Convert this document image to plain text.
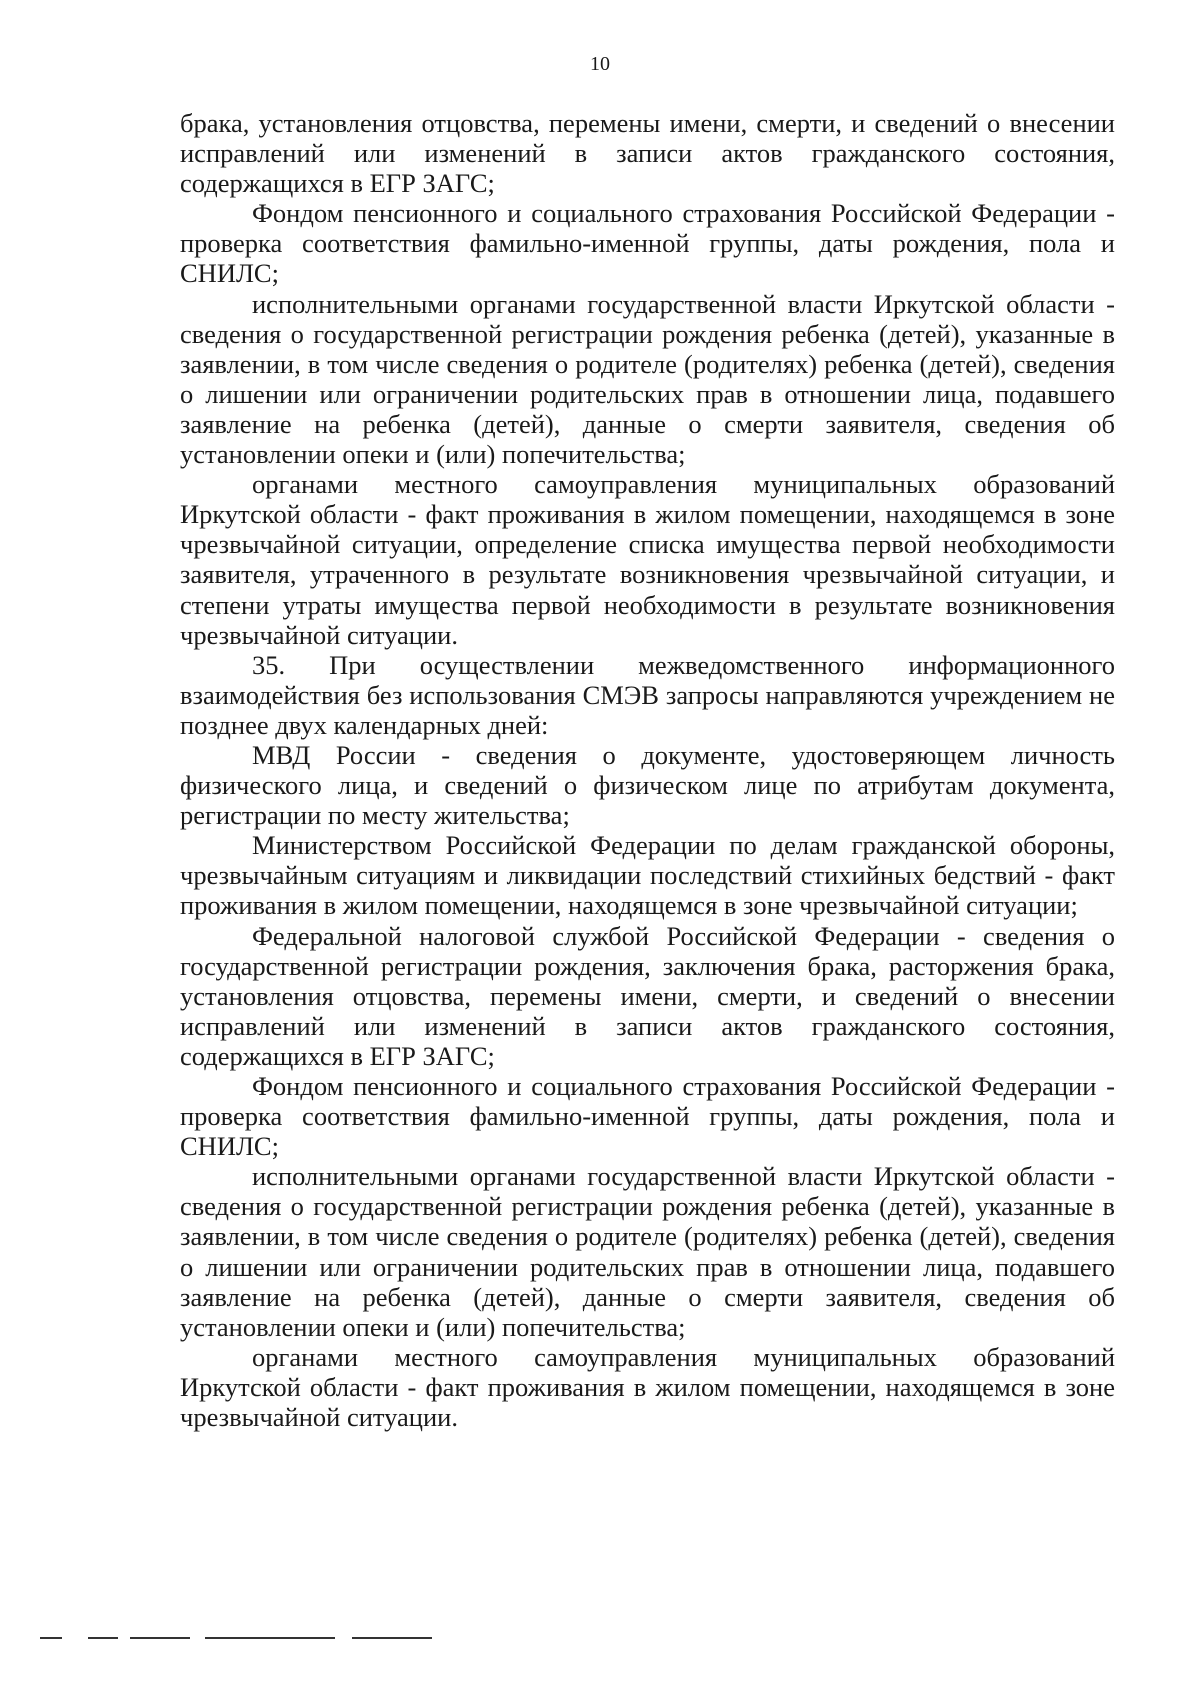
10

брака, установления отцовства, перемены имени, смерти, и сведений о внесении исправлений или изменений в записи актов гражданского состояния, содержащихся в ЕГР ЗАГС;

Фондом пенсионного и социального страхования Российской Федерации - проверка соответствия фамильно-именной группы, даты рождения, пола и СНИЛС;

исполнительными органами государственной власти Иркутской области - сведения о государственной регистрации рождения ребенка (детей), указанные в заявлении, в том числе сведения о родителе (родителях) ребенка (детей), сведения о лишении или ограничении родительских прав в отношении лица, подавшего заявление на ребенка (детей), данные о смерти заявителя, сведения об установлении опеки и (или) попечительства;

органами местного самоуправления муниципальных образований Иркутской области - факт проживания в жилом помещении, находящемся в зоне чрезвычайной ситуации, определение списка имущества первой необходимости заявителя, утраченного в результате возникновения чрезвычайной ситуации, и степени утраты имущества первой необходимости в результате возникновения чрезвычайной ситуации.

35. При осуществлении межведомственного информационного взаимодействия без использования СМЭВ запросы направляются учреждением не позднее двух календарных дней:

МВД России - сведения о документе, удостоверяющем личность физического лица, и сведений о физическом лице по атрибутам документа, регистрации по месту жительства;

Министерством Российской Федерации по делам гражданской обороны, чрезвычайным ситуациям и ликвидации последствий стихийных бедствий - факт проживания в жилом помещении, находящемся в зоне чрезвычайной ситуации;

Федеральной налоговой службой Российской Федерации - сведения о государственной регистрации рождения, заключения брака, расторжения брака, установления отцовства, перемены имени, смерти, и сведений о внесении исправлений или изменений в записи актов гражданского состояния, содержащихся в ЕГР ЗАГС;

Фондом пенсионного и социального страхования Российской Федерации - проверка соответствия фамильно-именной группы, даты рождения, пола и СНИЛС;

исполнительными органами государственной власти Иркутской области - сведения о государственной регистрации рождения ребенка (детей), указанные в заявлении, в том числе сведения о родителе (родителях) ребенка (детей), сведения о лишении или ограничении родительских прав в отношении лица, подавшего заявление на ребенка (детей), данные о смерти заявителя, сведения об установлении опеки и (или) попечительства;

органами местного самоуправления муниципальных образований Иркутской области - факт проживания в жилом помещении, находящемся в зоне чрезвычайной ситуации.
